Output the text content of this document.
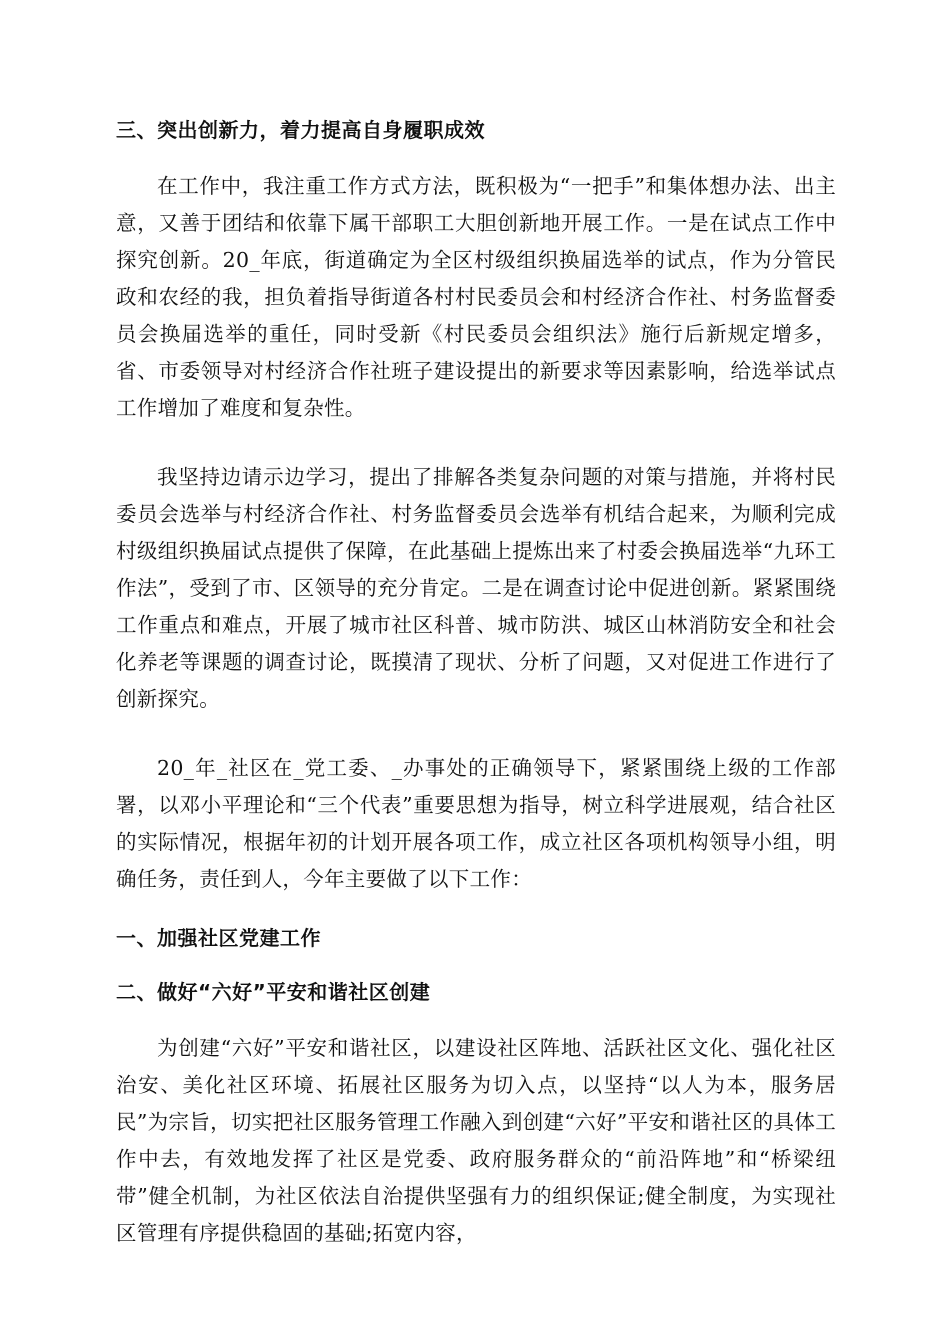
三、突出创新力，着力提高自身履职成效

在工作中，我注重工作方式方法，既积极为“一把手”和集体想办法、出主意，又善于团结和依靠下属干部职工大胆创新地开展工作。一是在试点工作中探究创新。20_年底，街道确定为全区村级组织换届选举的试点，作为分管民政和农经的我，担负着指导街道各村村民委员会和村经济合作社、村务监督委员会换届选举的重任，同时受新《村民委员会组织法》施行后新规定增多，省、市委领导对村经济合作社班子建设提出的新要求等因素影响，给选举试点工作增加了难度和复杂性。

我坚持边请示边学习，提出了排解各类复杂问题的对策与措施，并将村民委员会选举与村经济合作社、村务监督委员会选举有机结合起来，为顺利完成村级组织换届试点提供了保障，在此基础上提炼出来了村委会换届选举“九环工作法”，受到了市、区领导的充分肯定。二是在调查讨论中促进创新。紧紧围绕工作重点和难点，开展了城市社区科普、城市防洪、城区山林消防安全和社会化养老等课题的调查讨论，既摸清了现状、分析了问题，又对促进工作进行了创新探究。

20_年_社区在_党工委、_办事处的正确领导下，紧紧围绕上级的工作部署，以邓小平理论和“三个代表”重要思想为指导，树立科学进展观，结合社区的实际情况，根据年初的计划开展各项工作，成立社区各项机构领导小组，明确任务，责任到人，今年主要做了以下工作：

一、加强社区党建工作
二、做好“六好”平安和谐社区创建

为创建“六好”平安和谐社区，以建设社区阵地、活跃社区文化、强化社区治安、美化社区环境、拓展社区服务为切入点，以坚持“以人为本，服务居民”为宗旨，切实把社区服务管理工作融入到创建“六好”平安和谐社区的具体工作中去，有效地发挥了社区是党委、政府服务群众的“前沿阵地”和“桥梁纽带”健全机制，为社区依法自治提供坚强有力的组织保证;健全制度，为实现社区管理有序提供稳固的基础;拓宽内容，
